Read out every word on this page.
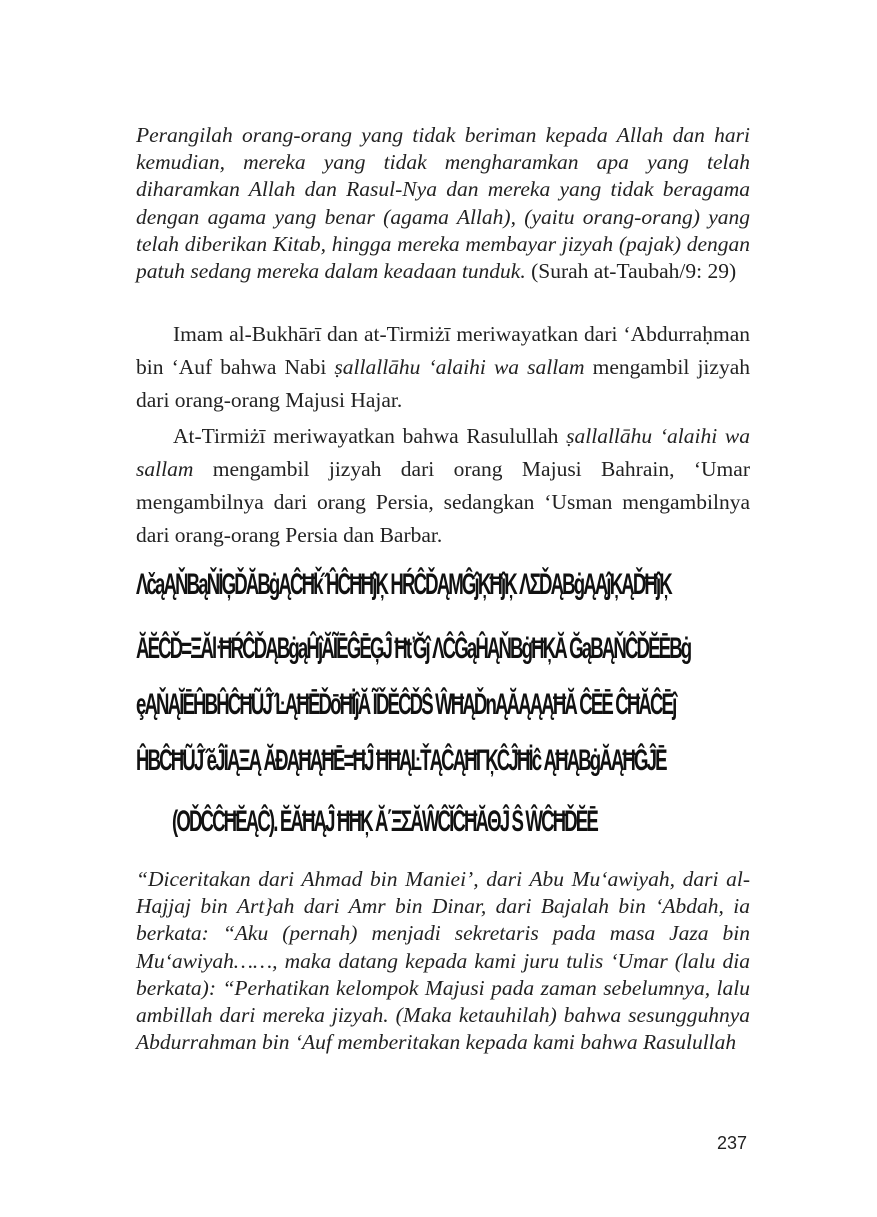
Perangilah orang-orang yang tidak beriman kepada Allah dan hari kemudian, mereka yang tidak mengharamkan apa yang telah diharamkan Allah dan Rasul-Nya dan mereka yang tidak beragama dengan agama yang benar (agama Allah), (yaitu orang-orang) yang telah diberikan Kitab, hingga mereka membayar jizyah (pajak) dengan patuh sedang mereka dalam keadaan tunduk. (Surah at-Taubah/9: 29)

Imam al-Bukhārī dan at-Tirmiżī meriwayatkan dari ‘Abdurraḥman bin ‘Auf bahwa Nabi ṣallallāhu ‘alaihi wa sallam mengambil jizyah dari orang-orang Majusi Hajar.

At-Tirmiżī meriwayatkan bahwa Rasulullah ṣallallāhu ‘alaihi wa sallam mengambil jizyah dari orang Majusi Bahrain, ‘Umar mengambilnya dari orang Persia, sedangkan ‘Usman mengambilnya dari orang-orang Persia dan Barbar.

ΛčąĄŇBąŇİĢĎĂBġĄĈĦǩ˝ĤĈĦĦĵĶ HŔĈĎĄMĜĵĶĦĵĶ ΛΣĎĄBġĄĄĵĶĄĎĦĵĶ
ĂĔĈĎ=ΞĂŀĦŔĈĎĄBġąĤĵĂĨĒĜĒĢĴ ĦťĞĵ ΛĈĜąĤĄŇBġĦĶĂ ĞąBĄŇĈĎĔĒBġ
ȩĄŇĄĬĒĤBĤĈĦŨĴ˝ĿĄĦĒĎōĦİĵĂ ĨĎĔĈĎŜ ŴĦĄĎnĄĂĄĄĄĦĂ ĈĒĒ ĈĦĂĈĒĵ
ĤBĈĦŨĴ˝ĕĴİĄΞĄ ĂĐĄĦĄĦĒ=ĦĴ ĦĦĄĿŤĄĈĄĦΓĶĈĴĦİĉ ĄĦĄBġĂĄĦĜĴĒ
(ΟĎĈĈĦĔĄĈ). ĔĂĦĄĴ ĦĦĶ Ă΄ΞΣĂŴĈĬĈĦĂΘĴ Ŝ ŴĈĦĎĔĒ
“Diceritakan dari Ahmad bin Maniei’, dari Abu Mu‘awiyah, dari al-Hajjaj bin Art}ah dari Amr bin Dinar, dari Bajalah bin ‘Abdah, ia berkata: “Aku (pernah) menjadi sekretaris pada masa Jaza bin Mu‘awiyah……, maka datang kepada kami juru tulis ‘Umar (lalu dia berkata): “Perhatikan kelompok Majusi pada zaman sebelumnya, lalu ambillah dari mereka jizyah. (Maka ketauhilah) bahwa sesungguhnya Abdurrahman bin ‘Auf memberitakan kepada kami bahwa Rasulullah
237
